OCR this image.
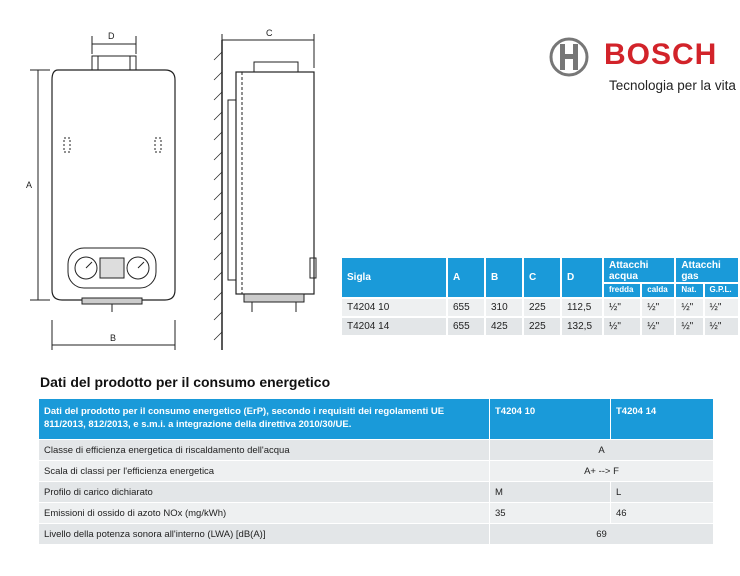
D
A
B
C
BOSCH
Tecnologia per la vita
Sigla	A	B	C	D	Attacchi acqua		Attacchi gas	
					fredda	calda	Nat.	G.P.L.
T4204 10	655	310	225	112,5	½"	½"	½"	½"
T4204 14	655	425	225	132,5	½"	½"	½"	½"
Dati del prodotto per il consumo energetico
Dati del prodotto per il consumo energetico (ErP), secondo i requisiti dei regolamenti UE 811/2013, 812/2013, e s.m.i. a integrazione della direttiva 2010/30/UE.	T4204 10	T4204 14
Classe di efficienza energetica di riscaldamento dell'acqua	A	
Scala di classi per l'efficienza energetica	A+ --> F	
Profilo di carico dichiarato	M	L
Emissioni di ossido di azoto NOx (mg/kWh)	35	46
Livello della potenza sonora all'interno (LWA) [dB(A)]	69	
